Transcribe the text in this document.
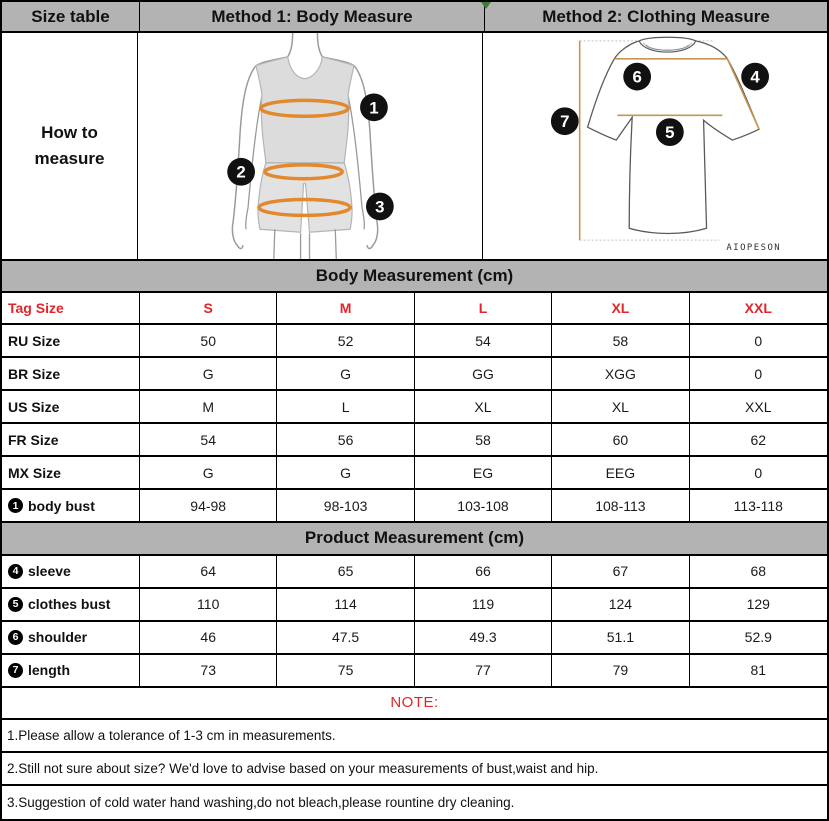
Size table	Method 1: Body Measure	Method 2: Clothing Measure
How to measure
1
2
3
6	4
7
5
AIOPESON
Body Measurement (cm)
Tag Size	S	M	L	XL	XXL
RU Size	50	52	54	58	0
BR Size	G	G	GG	XGG	0
US Size	M	L	XL	XL	XXL
FR Size	54	56	58	60	62
MX Size	G	G	EG	EEG	0
1 body bust	94-98	98-103	103-108	108-113	113-118
Product Measurement (cm)
4 sleeve	64	65	66	67	68
5 clothes bust	110	114	119	124	129
6 shoulder	46	47.5	49.3	51.1	52.9
7 length	73	75	77	79	81
NOTE:
1.Please allow a tolerance of 1-3 cm in measurements.
2.Still not sure about size? We'd love to advise based on your measurements of bust,waist and hip.
3.Suggestion of cold water hand washing,do not bleach,please rountine dry cleaning.
